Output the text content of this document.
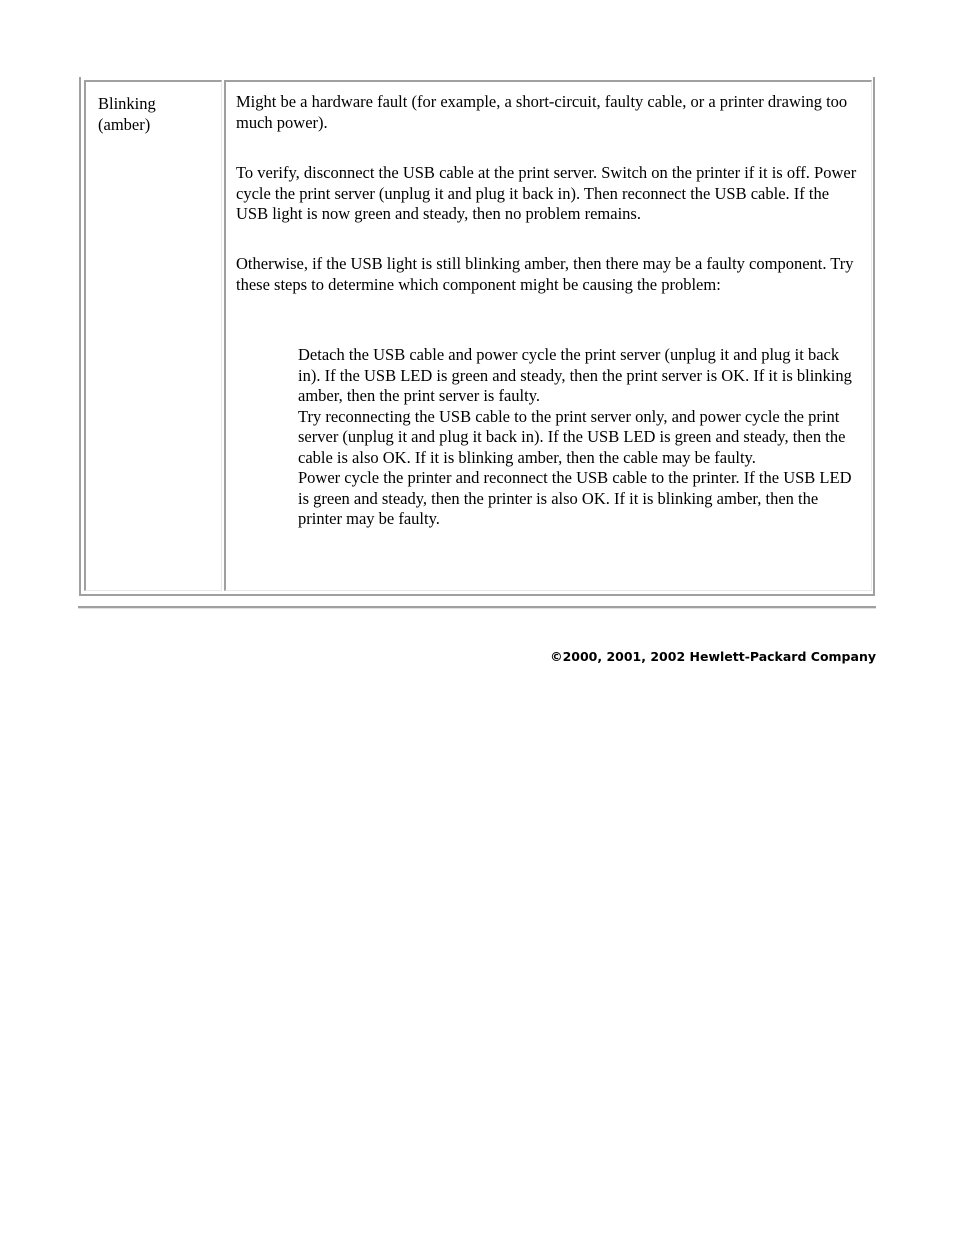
Blinking (amber)

Might be a hardware fault (for example, a short-circuit, faulty cable, or a printer drawing too much power).

To verify, disconnect the USB cable at the print server. Switch on the printer if it is off. Power cycle the print server (unplug it and plug it back in). Then reconnect the USB cable. If the USB light is now green and steady, then no problem remains.

Otherwise, if the USB light is still blinking amber, then there may be a faulty component. Try these steps to determine which component might be causing the problem:

Detach the USB cable and power cycle the print server (unplug it and plug it back in). If the USB LED is green and steady, then the print server is OK. If it is blinking amber, then the print server is faulty.
Try reconnecting the USB cable to the print server only, and power cycle the print server (unplug it and plug it back in). If the USB LED is green and steady, then the cable is also OK. If it is blinking amber, then the cable may be faulty.
Power cycle the printer and reconnect the USB cable to the printer. If the USB LED is green and steady, then the printer is also OK. If it is blinking amber, then the printer may be faulty.
©2000, 2001, 2002 Hewlett-Packard Company
